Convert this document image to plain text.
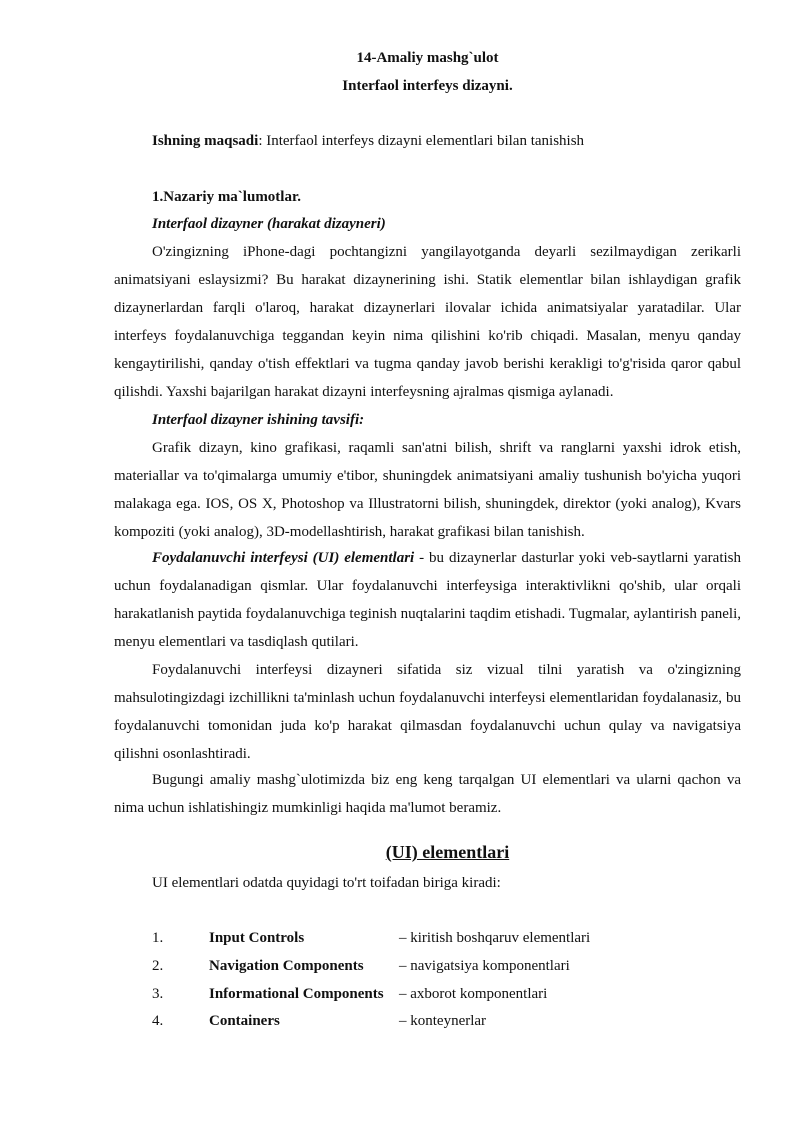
14-Amaliy mashg`ulot
Interfaol interfeys dizayni.
Ishning maqsadi: Interfaol interfeys dizayni elementlari bilan tanishish
1.Nazariy ma`lumotlar.
Interfaol dizayner (harakat dizayneri)
O'zingizning iPhone-dagi pochtangizni yangilayotganda deyarli sezilmaydigan zerikarli animatsiyani eslaysizmi? Bu harakat dizaynerining ishi. Statik elementlar bilan ishlaydigan grafik dizaynerlardan farqli o'laroq, harakat dizaynerlari ilovalar ichida animatsiyalar yaratadilar. Ular interfeys foydalanuvchiga teggandan keyin nima qilishini ko'rib chiqadi. Masalan, menyu qanday kengaytirilishi, qanday o'tish effektlari va tugma qanday javob berishi kerakligi to'g'risida qaror qabul qilishdi. Yaxshi bajarilgan harakat dizayni interfeysning ajralmas qismiga aylanadi.
Interfaol dizayner ishining tavsifi:
Grafik dizayn, kino grafikasi, raqamli san'atni bilish, shrift va ranglarni yaxshi idrok etish, materiallar va to'qimalarga umumiy e'tibor, shuningdek animatsiyani amaliy tushunish bo'yicha yuqori malakaga ega. IOS, OS X, Photoshop va Illustratorni bilish, shuningdek, direktor (yoki analog), Kvars kompoziti (yoki analog), 3D-modellashtirish, harakat grafikasi bilan tanishish.
Foydalanuvchi interfeysi (UI) elementlari - bu dizaynerlar dasturlar yoki veb-saytlarni yaratish uchun foydalanadigan qismlar. Ular foydalanuvchi interfeysiga interaktivlikni qo'shib, ular orqali harakatlanish paytida foydalanuvchiga teginish nuqtalarini taqdim etishadi. Tugmalar, aylantirish paneli, menyu elementlari va tasdiqlash qutilari.
Foydalanuvchi interfeysi dizayneri sifatida siz vizual tilni yaratish va o'zingizning mahsulotingizdagi izchillikni ta'minlash uchun foydalanuvchi interfeysi elementlaridan foydalanasiz, bu foydalanuvchi tomonidan juda ko'p harakat qilmasdan foydalanuvchi uchun qulay va navigatsiya qilishni osonlashtiradi.
Bugungi amaliy mashg`ulotimizda biz eng keng tarqalgan UI elementlari va ularni qachon va nima uchun ishlatishingiz mumkinligi haqida ma'lumot beramiz.
(UI) elementlari
UI elementlari odatda quyidagi to'rt toifadan biriga kiradi:
1.	Input Controls	– kiritish boshqaruv elementlari
2.	Navigation Components – navigatsiya komponentlari
3.	Informational Components – axborot komponentlari
4.	Containers	– konteynerlar
